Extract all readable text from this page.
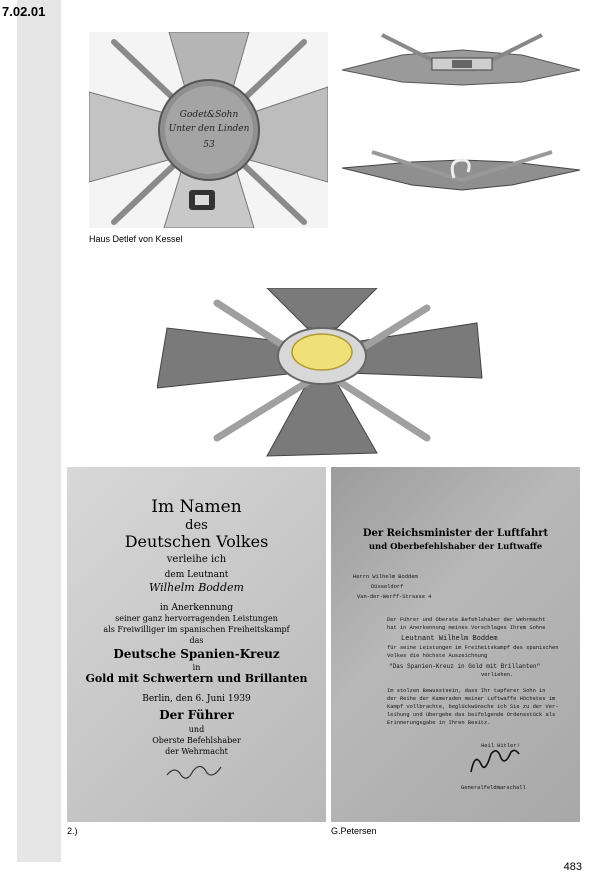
7.02.01
Godet&Sohn
Unter den Linden
53
Haus Detlef von Kessel
Im Namen
des
Deutschen Volkes
verleihe ich
dem Leutnant
Wilhelm Boddem
in Anerkennung
seiner ganz hervorragenden Leistungen
als Freiwilliger im spanischen Freiheitskampf
das
Deutsche Spanien-Kreuz
in
Gold mit Schwertern und Brillanten
Berlin, den 6. Juni 1939
Der Führer
und
Oberste Befehlshaber
der Wehrmacht
2.)
Der Reichsminister der Luftfahrt
und Oberbefehlshaber der Luftwaffe
Herrn Wilhelm Boddem
Düsseldorf
Van-der-Werff-Strasse 4
Der Führer und Oberste Befehlshaber der Wehrmacht
hat in Anerkennung meines Vorschlages Ihrem Sohne
Leutnant Wilhelm Boddem
für seine Leistungen im Freiheitskampf des spanischen
Volkes die höchste Auszeichnung
"Das Spanien-Kreuz in Gold mit Brillanten"
verliehen.
Im stolzen Bewusstsein, dass Ihr tapferer Sohn in
der Reihe der Kameraden meiner Luftwaffe Höchstes im
Kampf vollbrachte, beglückwünsche ich Sie zu der Ver-
leihung und übergebe das beifolgende Ordensstück als
Erinnerungsgabe in Ihren Besitz.
Heil Hitler!
Generalfeldmarschall
G.Petersen
483
